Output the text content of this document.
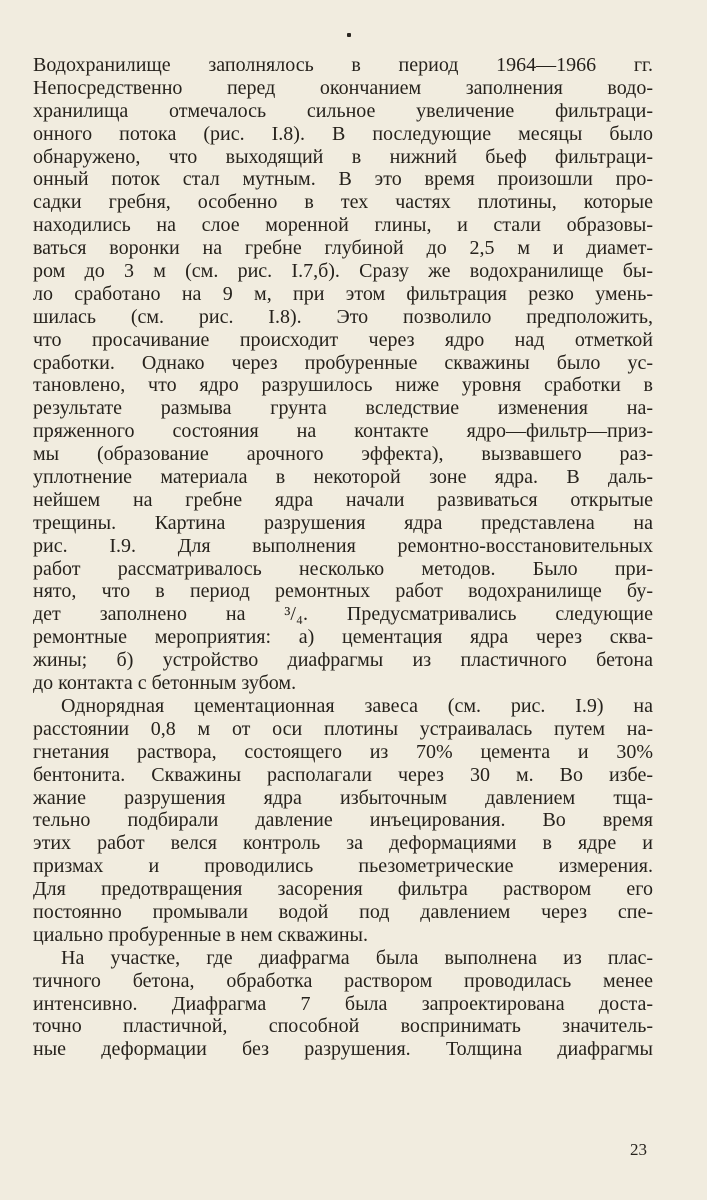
Водохранилище заполнялось в период 1964—1966 гг.
Непосредственно перед окончанием заполнения водо-
хранилища отмечалось сильное увеличение фильтраци-
онного потока (рис. I.8). В последующие месяцы было
обнаружено, что выходящий в нижний бьеф фильтраци-
онный поток стал мутным. В это время произошли про-
садки гребня, особенно в тех частях плотины, которые
находились на слое моренной глины, и стали образовы-
ваться воронки на гребне глубиной до 2,5 м и диамет-
ром до 3 м (см. рис. I.7,б). Сразу же водохранилище бы-
ло сработано на 9 м, при этом фильтрация резко умень-
шилась (см. рис. I.8). Это позволило предположить,
что просачивание происходит через ядро над отметкой
сработки. Однако через пробуренные скважины было ус-
тановлено, что ядро разрушилось ниже уровня сработки в
результате размыва грунта вследствие изменения на-
пряженного состояния на контакте ядро—фильтр—приз-
мы (образование арочного эффекта), вызвавшего раз-
уплотнение материала в некоторой зоне ядра. В даль-
нейшем на гребне ядра начали развиваться открытые
трещины. Картина разрушения ядра представлена на
рис. I.9. Для выполнения ремонтно-восстановительных
работ рассматривалось несколько методов. Было при-
нято, что в период ремонтных работ водохранилище бу-
дет заполнено на ³/₄. Предусматривались следующие
ремонтные мероприятия: а) цементация ядра через сква-
жины; б) устройство диафрагмы из пластичного бетона
до контакта с бетонным зубом.
Однорядная цементационная завеса (см. рис. I.9) на
расстоянии 0,8 м от оси плотины устраивалась путем на-
гнетания раствора, состоящего из 70% цемента и 30%
бентонита. Скважины располагали через 30 м. Во избе-
жание разрушения ядра избыточным давлением тща-
тельно подбирали давление инъецирования. Во время
этих работ велся контроль за деформациями в ядре и
призмах и проводились пьезометрические измерения.
Для предотвращения засорения фильтра раствором его
постоянно промывали водой под давлением через спе-
циально пробуренные в нем скважины.
На участке, где диафрагма была выполнена из плас-
тичного бетона, обработка раствором проводилась менее
интенсивно. Диафрагма 7 была запроектирована доста-
точно пластичной, способной воспринимать значитель-
ные деформации без разрушения. Толщина диафрагмы
23
